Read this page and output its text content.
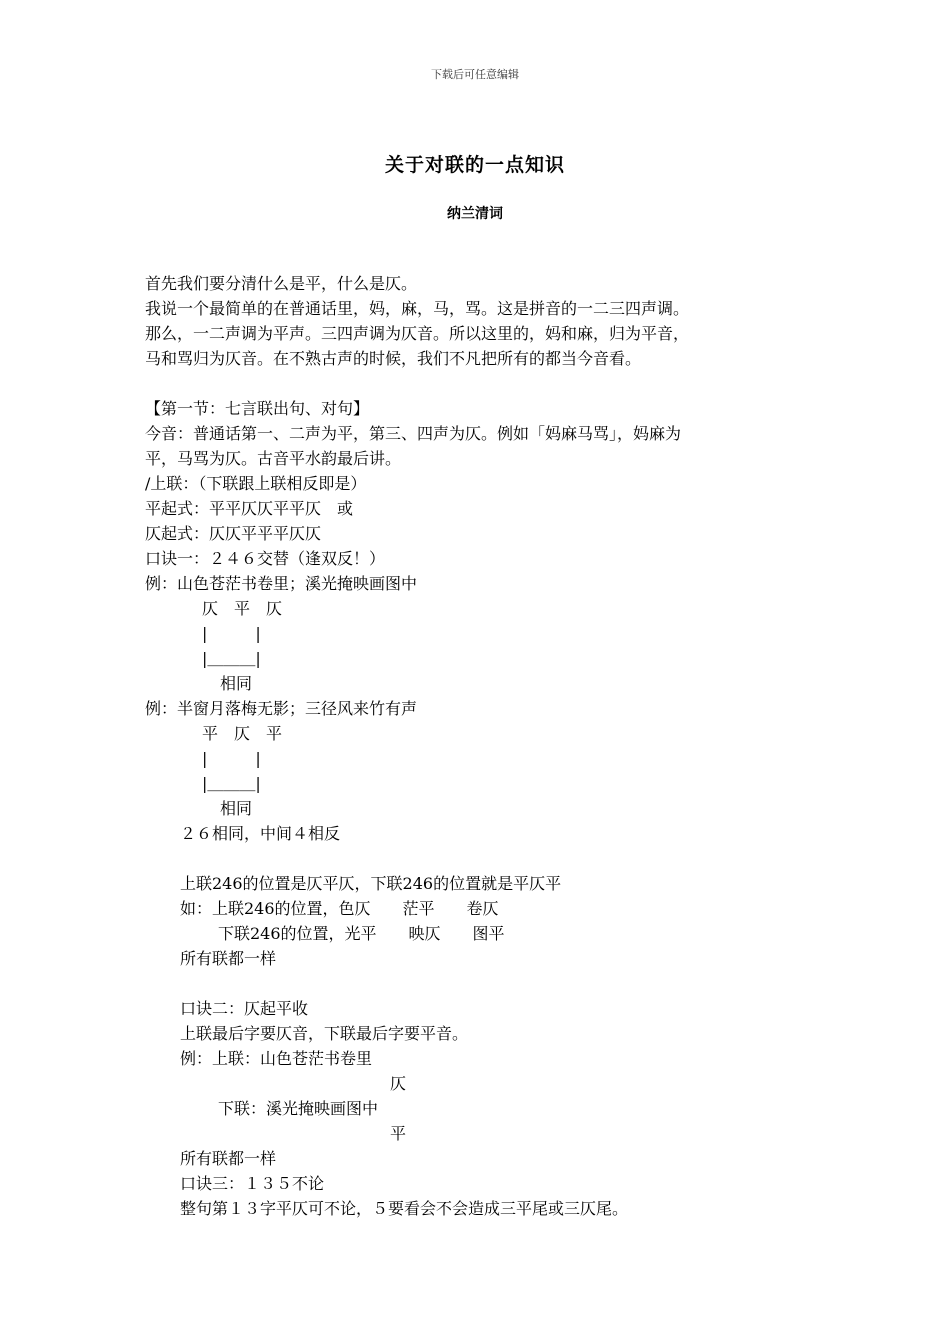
下载后可任意编辑
关于对联的一点知识
纳兰清词
首先我们要分清什么是平，什么是仄。
我说一个最简单的在普通话里，妈，麻，马，骂。这是拼音的一二三四声调。
那么，一二声调为平声。三四声调为仄音。所以这里的，妈和麻，归为平音，
马和骂归为仄音。在不熟古声的时候，我们不凡把所有的都当今音看。
【第一节：七言联出句、对句】
今音：普通话第一、二声为平，第三、四声为仄。例如「妈麻马骂」，妈麻为
平，马骂为仄。古音平水韵最后讲。
/上联：（下联跟上联相反即是）
平起式：平平仄仄平平仄　或
仄起式：仄仄平平平仄仄
口诀一：２４６交替（逢双反！）
例：山色苍茫书卷里；溪光掩映画图中
仄　平　仄
|　　　|
|＿＿＿|
相同
例：半窗月落梅无影；三径风来竹有声
平　仄　平
|　　　|
|＿＿＿|
相同
２６相同，中间４相反
上联246的位置是仄平仄，下联246的位置就是平仄平
如：上联246的位置，色仄　　茫平　　卷仄
下联246的位置，光平　　映仄　　图平
所有联都一样
口诀二：仄起平收
上联最后字要仄音，下联最后字要平音。
例：上联：山色苍茫书卷里
仄
下联：溪光掩映画图中
平
所有联都一样
口诀三：１３５不论
整句第１３字平仄可不论，５要看会不会造成三平尾或三仄尾。
